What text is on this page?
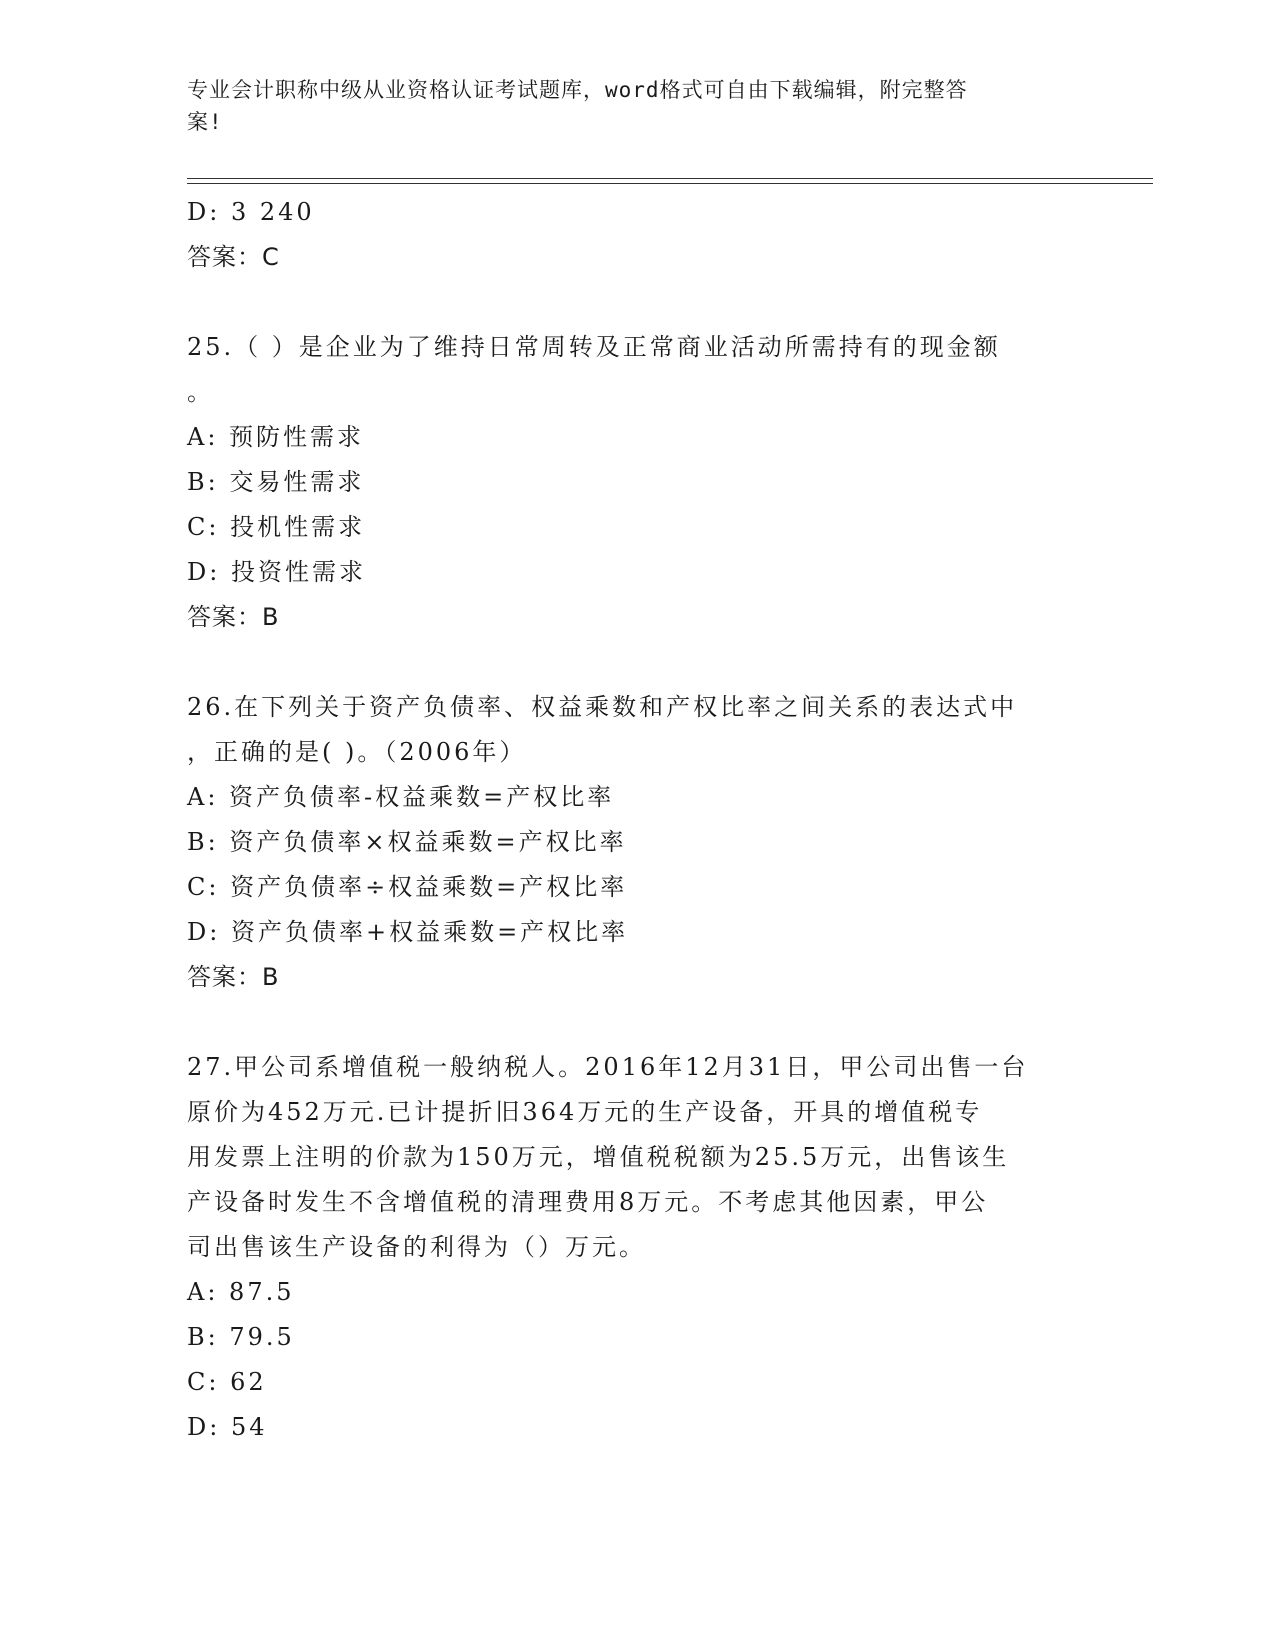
专业会计职称中级从业资格认证考试题库，word格式可自由下载编辑，附完整答
案!
D: 3 240
答案：C
25.（ ）是企业为了维持日常周转及正常商业活动所需持有的现金额
。
A: 预防性需求
B: 交易性需求
C: 投机性需求
D: 投资性需求
答案：B
26.在下列关于资产负债率、权益乘数和产权比率之间关系的表达式中
，正确的是( )。（2006年）
A: 资产负债率-权益乘数=产权比率
B: 资产负债率×权益乘数=产权比率
C: 资产负债率÷权益乘数=产权比率
D: 资产负债率+权益乘数=产权比率
答案：B
27.甲公司系增值税一般纳税人。2016年12月31日，甲公司出售一台
原价为452万元.已计提折旧364万元的生产设备，开具的增值税专
用发票上注明的价款为150万元，增值税税额为25.5万元，出售该生
产设备时发生不含增值税的清理费用8万元。不考虑其他因素，甲公
司出售该生产设备的利得为（）万元。
A: 87.5
B: 79.5
C: 62
D: 54
